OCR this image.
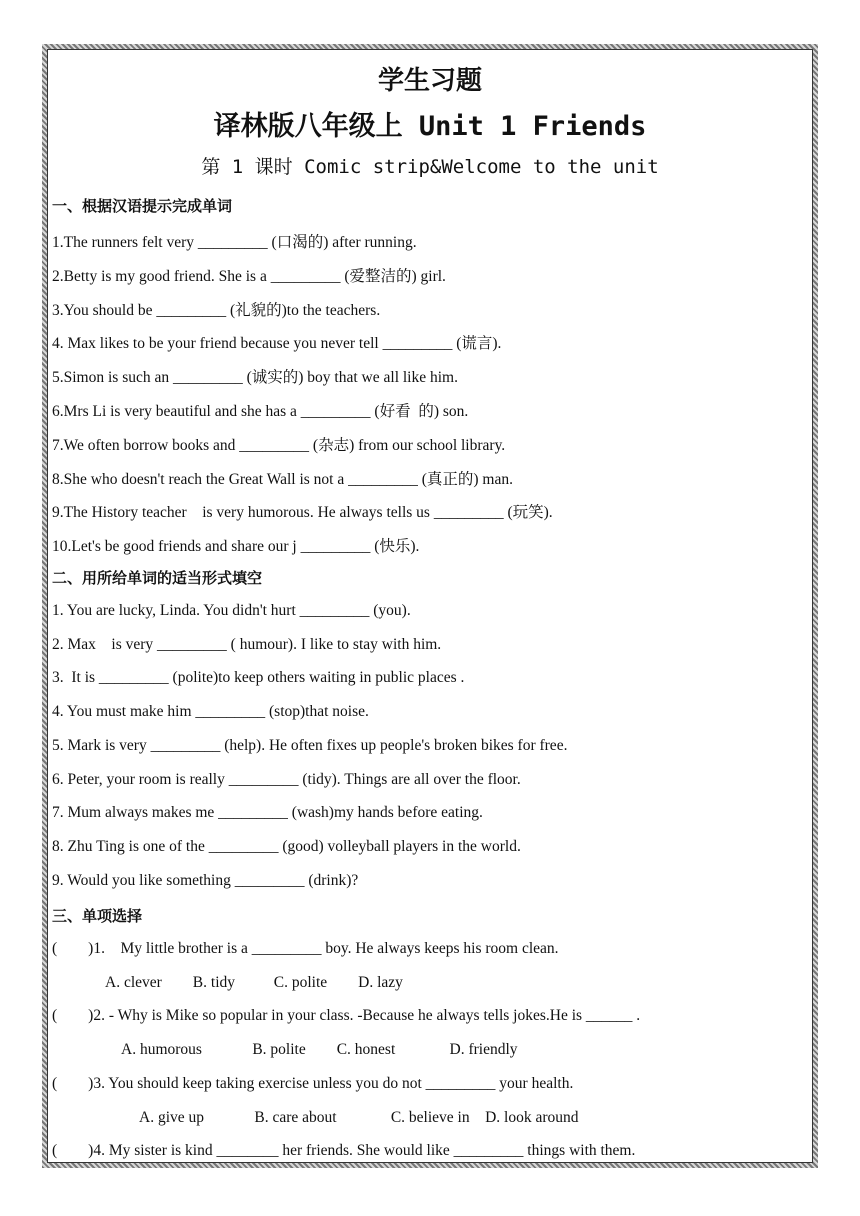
学生习题
译林版八年级上 Unit 1 Friends
第 1 课时 Comic strip&Welcome to the unit
一、根据汉语提示完成单词
1.The runners felt very _________ (口渴的) after running.
2.Betty is my good friend. She is a _________ (爱整洁的) girl.
3.You should be _________ (礼貌的)to the teachers.
4. Max likes to be your friend because you never tell _________ (谎言).
5.Simon is such an _________ (诚实的) boy that we all like him.
6.Mrs Li is very beautiful and she has a _________ (好看  的) son.
7.We often borrow books and _________ (杂志) from our school library.
8.She who doesn't reach the Great Wall is not a _________ (真正的) man.
9.The History teacher    is very humorous. He always tells us _________ (玩笑).
10.Let's be good friends and share our j _________ (快乐).
二、用所给单词的适当形式填空
1. You are lucky, Linda. You didn't hurt _________ (you).
2. Max    is very _________ ( humour). I like to stay with him.
3.  It is _________ (polite)to keep others waiting in public places .
4. You must make him _________ (stop)that noise.
5. Mark is very _________ (help). He often fixes up people's broken bikes for free.
6. Peter, your room is really _________ (tidy). Things are all over the floor.
7. Mum always makes me _________ (wash)my hands before eating.
8. Zhu Ting is one of the _________ (good) volleyball players in the world.
9. Would you like something _________ (drink)?
三、单项选择
(        )1.    My little brother is a _________ boy. He always keeps his room clean.
A. clever        B. tidy          C. polite        D. lazy
(        )2. - Why is Mike so popular in your class. -Because he always tells jokes.He is ______ .
A. humorous             B. polite        C. honest              D. friendly
(        )3. You should keep taking exercise unless you do not _________ your health.
A. give up             B. care about              C. believe in    D. look around
(        )4. My sister is kind ________ her friends. She would like _________ things with them.
